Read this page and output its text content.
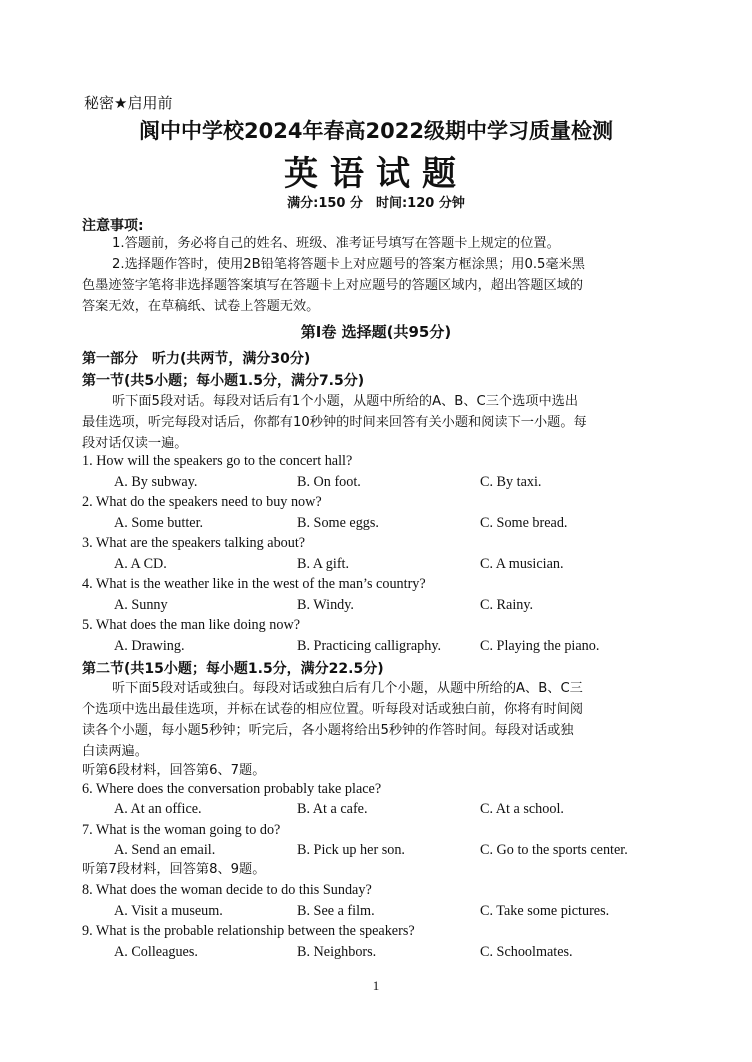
秘密★启用前
阆中中学校2024年春高2022级期中学习质量检测
英语试题
满分:150 分　时间:120 分钟
注意事项:
1.答题前，务必将自己的姓名、班级、准考证号填写在答题卡上规定的位置。
2.选择题作答时，使用2B铅笔将答题卡上对应题号的答案方框涂黑；用0.5毫米黑
色墨迹签字笔将非选择题答案填写在答题卡上对应题号的答题区域内，超出答题区域的
答案无效，在草稿纸、试卷上答题无效。
第Ⅰ卷 选择题(共95分)
第一部分　听力(共两节，满分30分)
第一节(共5小题；每小题1.5分，满分7.5分)
听下面5段对话。每段对话后有1个小题，从题中所给的A、B、C三个选项中选出
最佳选项，听完每段对话后，你都有10秒钟的时间来回答有关小题和阅读下一小题。每
段对话仅读一遍。
1. How will the speakers go to the concert hall?
A. By subway.	B. On foot.	C. By taxi.
2. What do the speakers need to buy now?
A. Some butter.	B. Some eggs.	C. Some bread.
3. What are the speakers talking about?
A. A CD.	B. A gift.	C. A musician.
4. What is the weather like in the west of the man’s country?
A. Sunny	B. Windy.	C. Rainy.
5. What does the man like doing now?
A. Drawing.	B. Practicing calligraphy.	C. Playing the piano.
第二节(共15小题；每小题1.5分，满分22.5分)
听下面5段对话或独白。每段对话或独白后有几个小题，从题中所给的A、B、C三
个选项中选出最佳选项，并标在试卷的相应位置。听每段对话或独白前，你将有时间阅
读各个小题，每小题5秒钟；听完后，各小题将给出5秒钟的作答时间。每段对话或独
白读两遍。
听第6段材料，回答第6、7题。
6. Where does the conversation probably take place?
A. At an office.	B. At a cafe.	C. At a school.
7. What is the woman going to do?
A. Send an email.	B. Pick up her son.	C. Go to the sports center.
听第7段材料，回答第8、9题。
8. What does the woman decide to do this Sunday?
A. Visit a museum.	B. See a film.	C. Take some pictures.
9. What is the probable relationship between the speakers?
A. Colleagues.	B. Neighbors.	C. Schoolmates.
1
